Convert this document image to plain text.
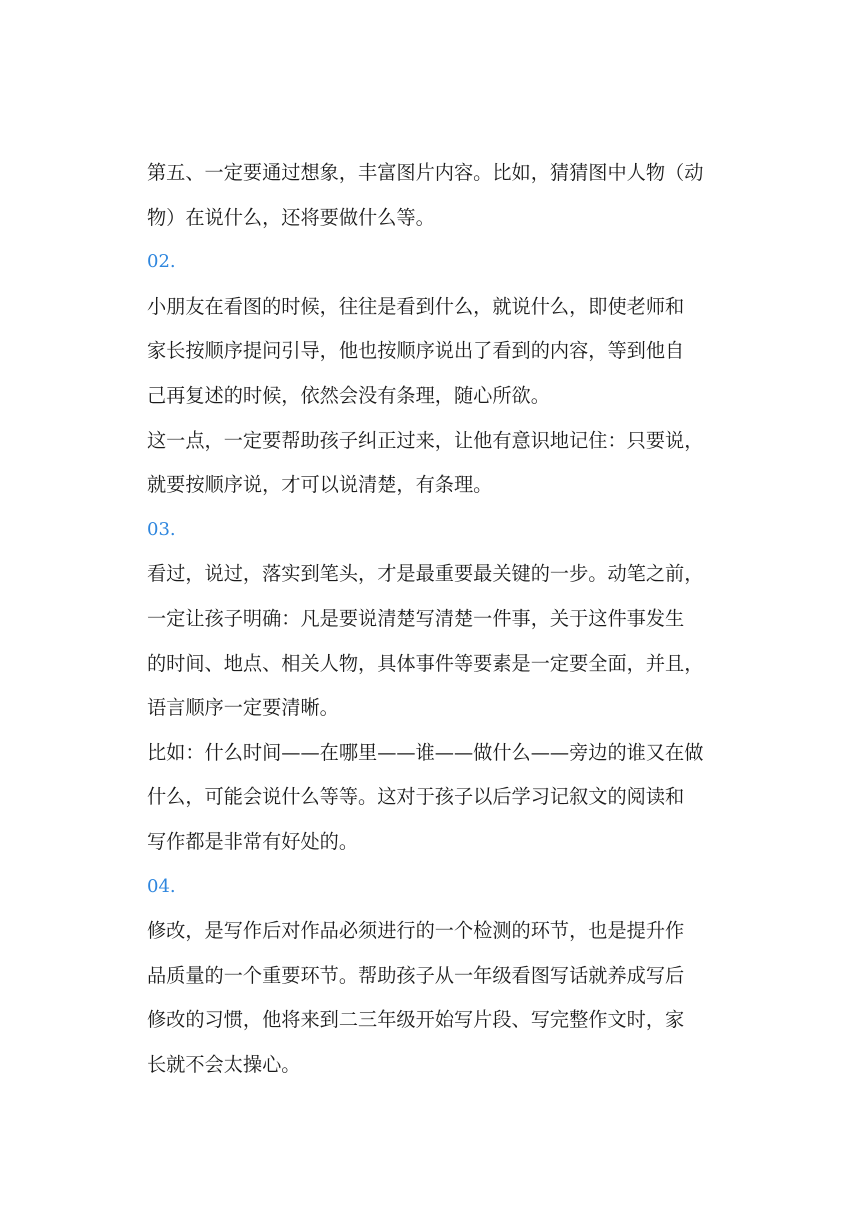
第五、一定要通过想象，丰富图片内容。比如，猜猜图中人物（动
物）在说什么，还将要做什么等。

02.

小朋友在看图的时候，往往是看到什么，就说什么，即使老师和
家长按顺序提问引导，他也按顺序说出了看到的内容，等到他自
己再复述的时候，依然会没有条理，随心所欲。

这一点，一定要帮助孩子纠正过来，让他有意识地记住：只要说，
就要按顺序说，才可以说清楚，有条理。

03.

看过，说过，落实到笔头，才是最重要最关键的一步。动笔之前，
一定让孩子明确：凡是要说清楚写清楚一件事，关于这件事发生
的时间、地点、相关人物，具体事件等要素是一定要全面，并且，
语言顺序一定要清晰。

比如：什么时间——在哪里——谁——做什么——旁边的谁又在做
什么，可能会说什么等等。这对于孩子以后学习记叙文的阅读和
写作都是非常有好处的。

04.

修改，是写作后对作品必须进行的一个检测的环节，也是提升作
品质量的一个重要环节。帮助孩子从一年级看图写话就养成写后
修改的习惯，他将来到二三年级开始写片段、写完整作文时，家
长就不会太操心。
